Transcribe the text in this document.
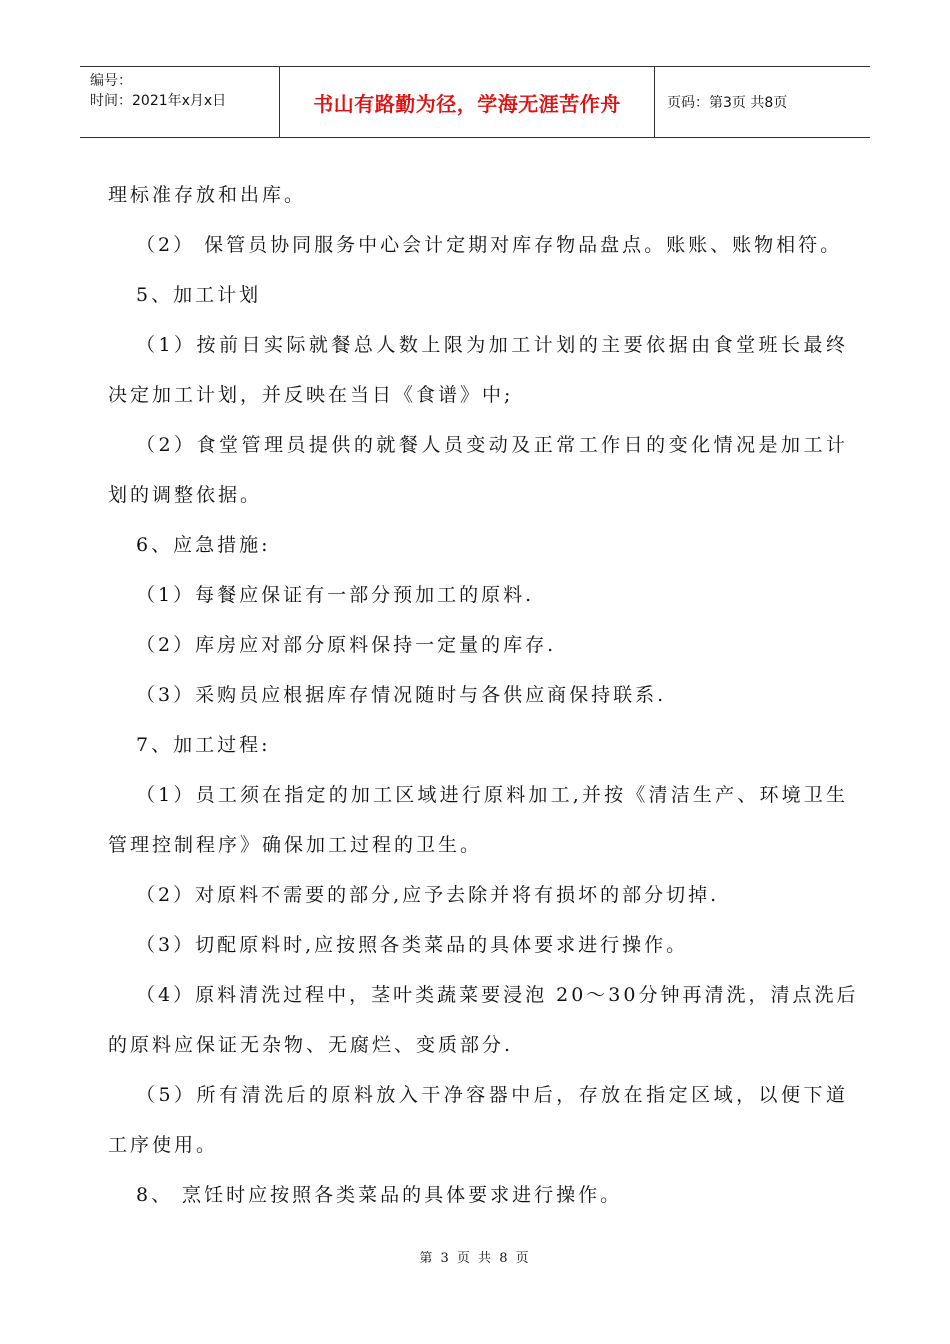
编号：
时间：2021年x月x日	书山有路勤为径，学海无涯苦作舟	页码：第3页 共8页
理标准存放和出库。
（2） 保管员协同服务中心会计定期对库存物品盘点。账账、账物相符。
5、加工计划
（1）按前日实际就餐总人数上限为加工计划的主要依据由食堂班长最终
决定加工计划，并反映在当日《食谱》中;
（2）食堂管理员提供的就餐人员变动及正常工作日的变化情况是加工计
划的调整依据。
6、应急措施:
（1）每餐应保证有一部分预加工的原料.
（2）库房应对部分原料保持一定量的库存.
（3）采购员应根据库存情况随时与各供应商保持联系.
7、加工过程:
（1）员工须在指定的加工区域进行原料加工,并按《清洁生产、环境卫生
管理控制程序》确保加工过程的卫生。
（2）对原料不需要的部分,应予去除并将有损坏的部分切掉.
（3）切配原料时,应按照各类菜品的具体要求进行操作。
（4）原料清洗过程中，茎叶类蔬菜要浸泡 20～30分钟再清洗，清点洗后
的原料应保证无杂物、无腐烂、变质部分.
（5）所有清洗后的原料放入干净容器中后，存放在指定区域，以便下道
工序使用。
8、 烹饪时应按照各类菜品的具体要求进行操作。
第 3 页 共 8 页
